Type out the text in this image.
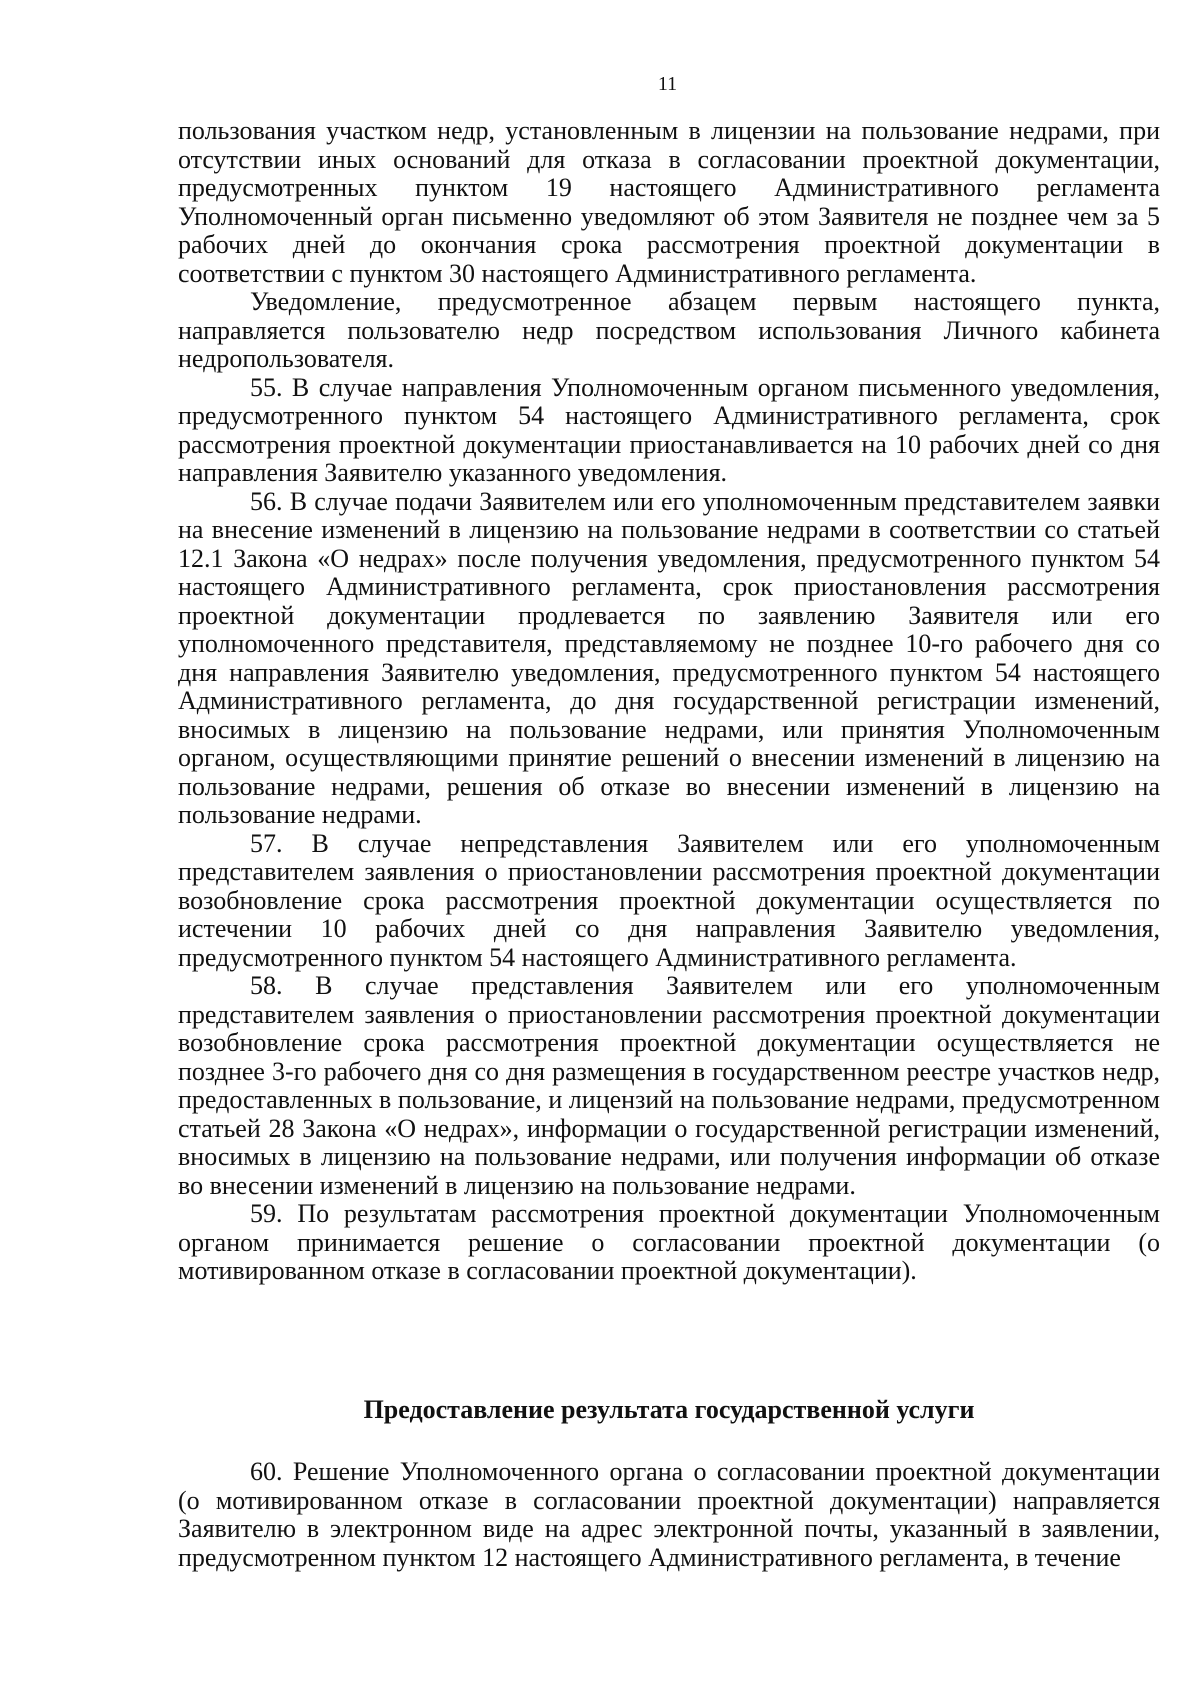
11

пользования участком недр, установленным в лицензии на пользование недрами, при отсутствии иных оснований для отказа в согласовании проектной документации, предусмотренных пунктом 19 настоящего Административного регламента Уполномоченный орган письменно уведомляют об этом Заявителя не позднее чем за 5 рабочих дней до окончания срока рассмотрения проектной документации в соответствии с пунктом 30 настоящего Административного регламента.

Уведомление, предусмотренное абзацем первым настоящего пункта, направляется пользователю недр посредством использования Личного кабинета недропользователя.

55. В случае направления Уполномоченным органом письменного уведомления, предусмотренного пунктом 54 настоящего Административного регламента, срок рассмотрения проектной документации приостанавливается на 10 рабочих дней со дня направления Заявителю указанного уведомления.

56. В случае подачи Заявителем или его уполномоченным представителем заявки на внесение изменений в лицензию на пользование недрами в соответствии со статьей 12.1 Закона «О недрах» после получения уведомления, предусмотренного пунктом 54 настоящего Административного регламента, срок приостановления рассмотрения проектной документации продлевается по заявлению Заявителя или его уполномоченного представителя, представляемому не позднее 10-го рабочего дня со дня направления Заявителю уведомления, предусмотренного пунктом 54 настоящего Административного регламента, до дня государственной регистрации изменений, вносимых в лицензию на пользование недрами, или принятия Уполномоченным органом, осуществляющими принятие решений о внесении изменений в лицензию на пользование недрами, решения об отказе во внесении изменений в лицензию на пользование недрами.

57. В случае непредставления Заявителем или его уполномоченным представителем заявления о приостановлении рассмотрения проектной документации возобновление срока рассмотрения проектной документации осуществляется по истечении 10 рабочих дней со дня направления Заявителю уведомления, предусмотренного пунктом 54 настоящего Административного регламента.

58. В случае представления Заявителем или его уполномоченным представителем заявления о приостановлении рассмотрения проектной документации возобновление срока рассмотрения проектной документации осуществляется не позднее 3-го рабочего дня со дня размещения в государственном реестре участков недр, предоставленных в пользование, и лицензий на пользование недрами, предусмотренном статьей 28 Закона «О недрах», информации о государственной регистрации изменений, вносимых в лицензию на пользование недрами, или получения информации об отказе во внесении изменений в лицензию на пользование недрами.

59. По результатам рассмотрения проектной документации Уполномоченным органом принимается решение о согласовании проектной документации (о мотивированном отказе в согласовании проектной документации).

Предоставление результата государственной услуги

60. Решение Уполномоченного органа о согласовании проектной документации (о мотивированном отказе в согласовании проектной документации) направляется Заявителю в электронном виде на адрес электронной почты, указанный в заявлении, предусмотренном пунктом 12 настоящего Административного регламента, в течение
